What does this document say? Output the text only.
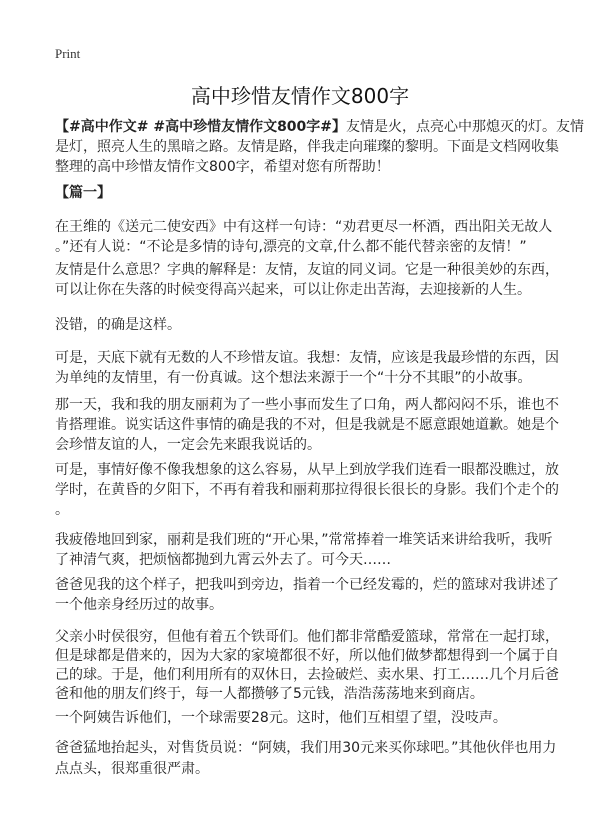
Print
高中珍惜友情作文800字
【#高中作文# #高中珍惜友情作文800字#】友情是火，点亮心中那熄灭的灯。友情
是灯，照亮人生的黑暗之路。友情是路，伴我走向璀璨的黎明。下面是文档网收集
整理的高中珍惜友情作文800字，希望对您有所帮助！
【篇一】
在王维的《送元二使安西》中有这样一句诗：“劝君更尽一杯酒，西出阳关无故人
。”还有人说：“不论是多情的诗句,漂亮的文章,什么都不能代替亲密的友情！”
友情是什么意思？字典的解释是：友情，友谊的同义词。它是一种很美妙的东西，
可以让你在失落的时候变得高兴起来，可以让你走出苦海，去迎接新的人生。
没错，的确是这样。
可是，天底下就有无数的人不珍惜友谊。我想：友情，应该是我最珍惜的东西，因
为单纯的友情里，有一份真诚。这个想法来源于一个“十分不其眼”的小故事。
那一天，我和我的朋友丽莉为了一些小事而发生了口角，两人都闷闷不乐，谁也不
肯搭理谁。说实话这件事情的确是我的不对，但是我就是不愿意跟她道歉。她是个
会珍惜友谊的人，一定会先来跟我说话的。
可是，事情好像不像我想象的这么容易，从早上到放学我们连看一眼都没瞧过，放
学时，在黄昏的夕阳下，不再有着我和丽莉那拉得很长很长的身影。我们个走个的
。
我疲倦地回到家，丽莉是我们班的“开心果，”常常捧着一堆笑话来讲给我听，我听
了神清气爽，把烦恼都抛到九霄云外去了。可今天……
爸爸见我的这个样子，把我叫到旁边，指着一个已经发霉的，烂的篮球对我讲述了
一个他亲身经历过的故事。
父亲小时侯很穷，但他有着五个铁哥们。他们都非常酷爱篮球，常常在一起打球，
但是球都是借来的，因为大家的家境都很不好，所以他们做梦都想得到一个属于自
己的球。于是，他们利用所有的双休日，去捡破烂、卖水果、打工……几个月后爸
爸和他的朋友们终于，每一人都攒够了5元钱，浩浩荡荡地来到商店。
一个阿姨告诉他们，一个球需要28元。这时，他们互相望了望，没吱声。
爸爸猛地抬起头，对售货员说：“阿姨，我们用30元来买你球吧。”其他伙伴也用力
点点头，很郑重很严肃。
